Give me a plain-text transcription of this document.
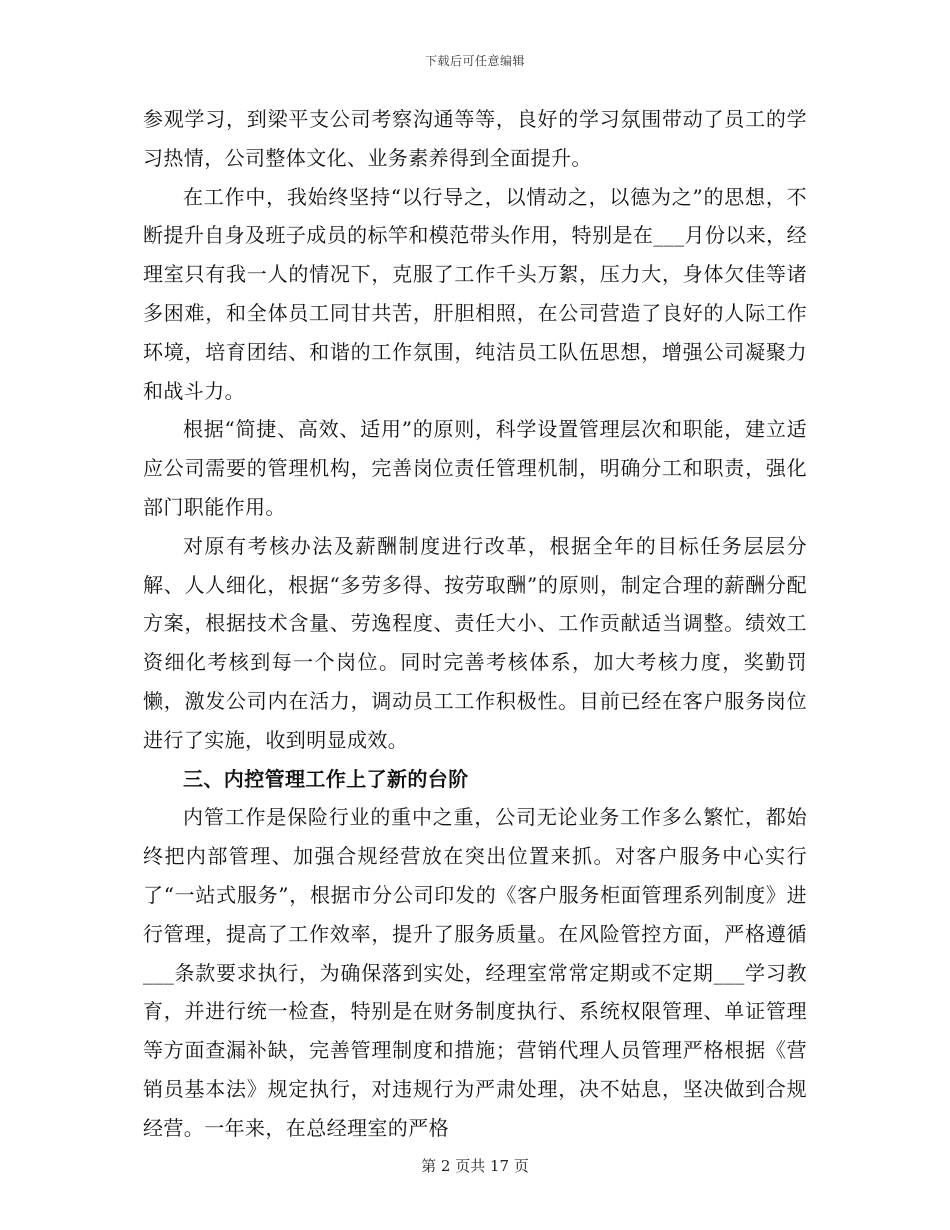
下载后可任意编辑

参观学习，到梁平支公司考察沟通等等，良好的学习氛围带动了员工的学习热情，公司整体文化、业务素养得到全面提升。

在工作中，我始终坚持“以行导之，以情动之，以德为之”的思想，不断提升自身及班子成员的标竿和模范带头作用，特别是在___月份以来，经理室只有我一人的情况下，克服了工作千头万絮，压力大，身体欠佳等诸多困难，和全体员工同甘共苦，肝胆相照，在公司营造了良好的人际工作环境，培育团结、和谐的工作氛围，纯洁员工队伍思想，增强公司凝聚力和战斗力。

根据“简捷、高效、适用”的原则，科学设置管理层次和职能，建立适应公司需要的管理机构，完善岗位责任管理机制，明确分工和职责，强化部门职能作用。

对原有考核办法及薪酬制度进行改革，根据全年的目标任务层层分解、人人细化，根据“多劳多得、按劳取酬”的原则，制定合理的薪酬分配方案，根据技术含量、劳逸程度、责任大小、工作贡献适当调整。绩效工资细化考核到每一个岗位。同时完善考核体系，加大考核力度，奖勤罚懒，激发公司内在活力，调动员工工作积极性。目前已经在客户服务岗位进行了实施，收到明显成效。

三、内控管理工作上了新的台阶

内管工作是保险行业的重中之重，公司无论业务工作多么繁忙，都始终把内部管理、加强合规经营放在突出位置来抓。对客户服务中心实行了“一站式服务”，根据市分公司印发的《客户服务柜面管理系列制度》进行管理，提高了工作效率，提升了服务质量。在风险管控方面，严格遵循___条款要求执行，为确保落到实处，经理室常常定期或不定期___学习教育，并进行统一检查，特别是在财务制度执行、系统权限管理、单证管理等方面查漏补缺，完善管理制度和措施；营销代理人员管理严格根据《营销员基本法》规定执行，对违规行为严肃处理，决不姑息，坚决做到合规经营。一年来，在总经理室的严格

第 2 页共 17 页
